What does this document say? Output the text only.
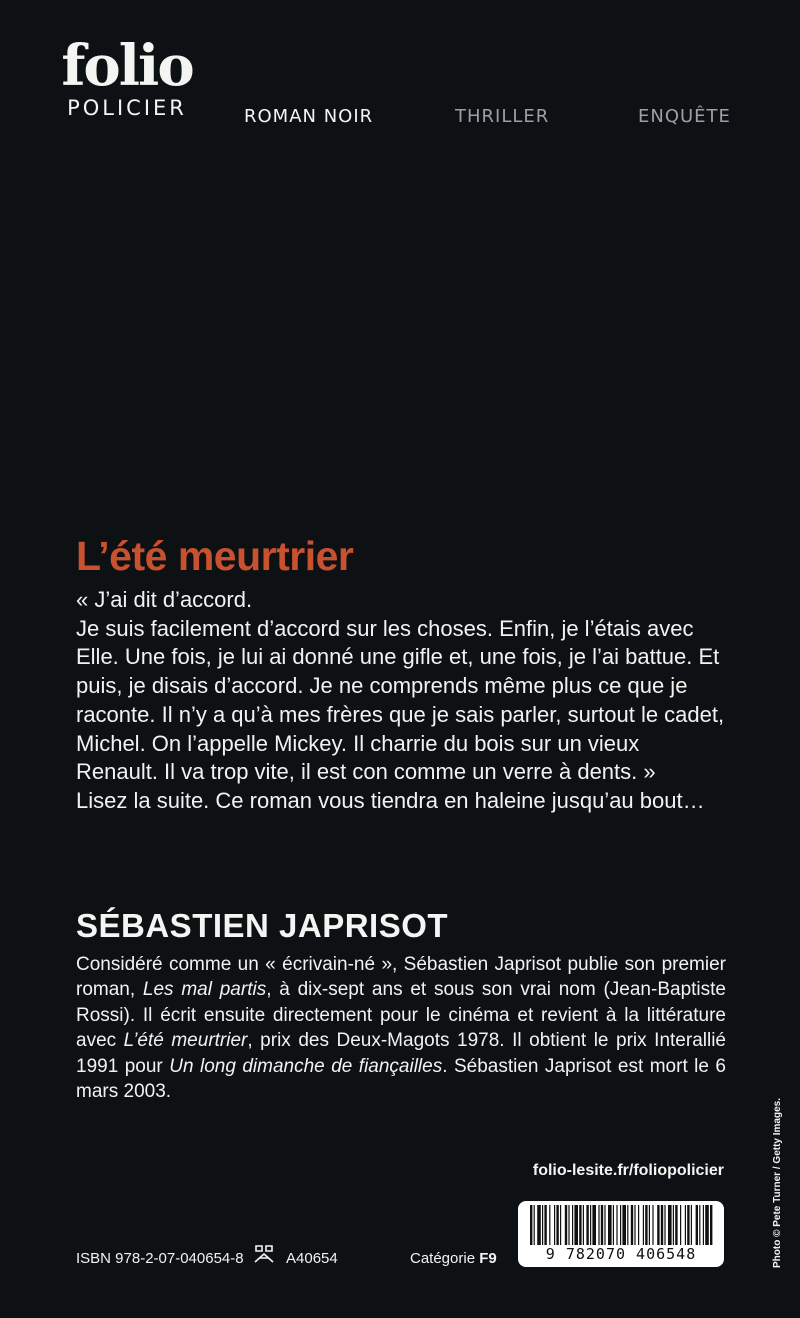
folio
POLICIER	ROMAN NOIR	THRILLER	ENQUÊTE
L’été meurtrier

« J’ai dit d’accord.

Je suis facilement d’accord sur les choses. Enfin, je l’étais avec Elle. Une fois, je lui ai donné une gifle et, une fois, je l’ai battue. Et puis, je disais d’accord. Je ne comprends même plus ce que je raconte. Il n’y a qu’à mes frères que je sais parler, surtout le cadet, Michel. On l’appelle Mickey. Il charrie du bois sur un vieux Renault. Il va trop vite, il est con comme un verre à dents. »

Lisez la suite. Ce roman vous tiendra en haleine jusqu’au bout…

SÉBASTIEN JAPRISOT
Considéré comme un « écrivain-né », Sébastien Japrisot publie son premier roman, Les mal partis, à dix-sept ans et sous son vrai nom (Jean-Baptiste Rossi). Il écrit ensuite directement pour le cinéma et revient à la littérature avec L’été meurtrier, prix des Deux-Magots 1978. Il obtient le prix Interallié 1991 pour Un long dimanche de fiançailles. Sébastien Japrisot est mort le 6 mars 2003.
folio-lesite.fr/foliopolicier
9 782070 406548
ISBN 978-2-07-040654-8	A40654	Catégorie F9	Photo © Pete Turner / Getty Images.
